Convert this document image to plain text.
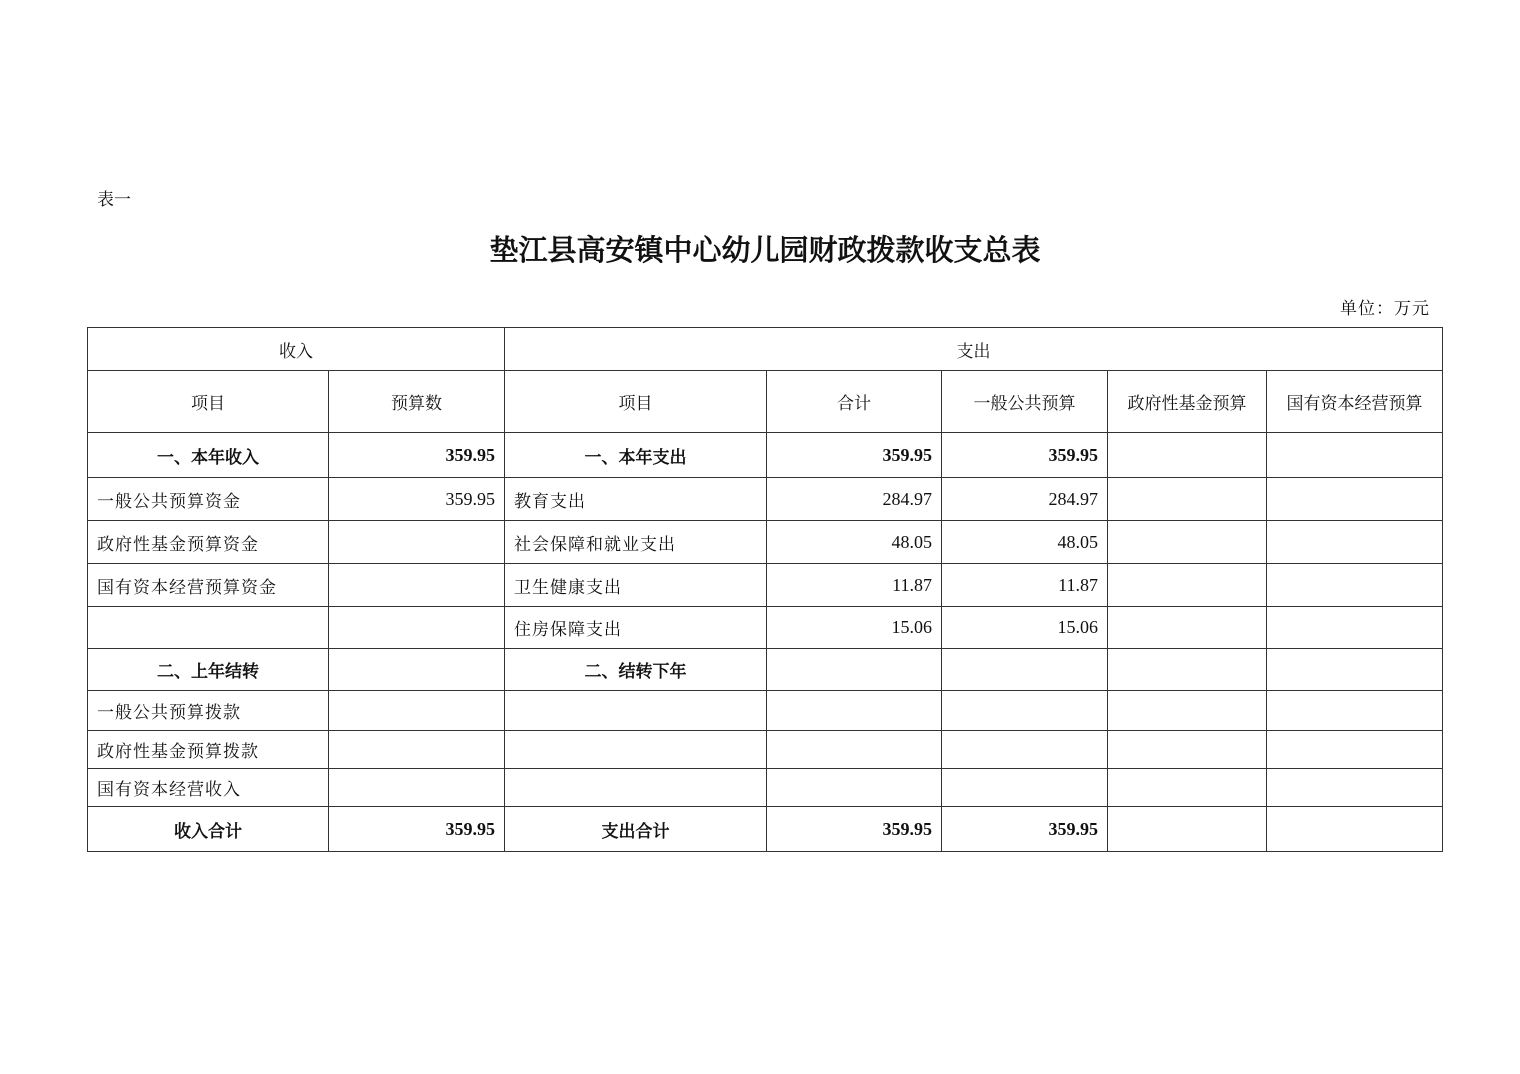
表一
垫江县高安镇中心幼儿园财政拨款收支总表
单位：万元
收入		支出				
项目	预算数	项目	合计	一般公共预算	政府性基金预算	国有资本经营预算
一、本年收入	359.95	一、本年支出	359.95	359.95		
一般公共预算资金	359.95	教育支出	284.97	284.97		
政府性基金预算资金		社会保障和就业支出	48.05	48.05		
国有资本经营预算资金		卫生健康支出	11.87	11.87		
		住房保障支出	15.06	15.06		
二、上年结转		二、结转下年				
一般公共预算拨款						
政府性基金预算拨款						
国有资本经营收入						
收入合计	359.95	支出合计	359.95	359.95		
